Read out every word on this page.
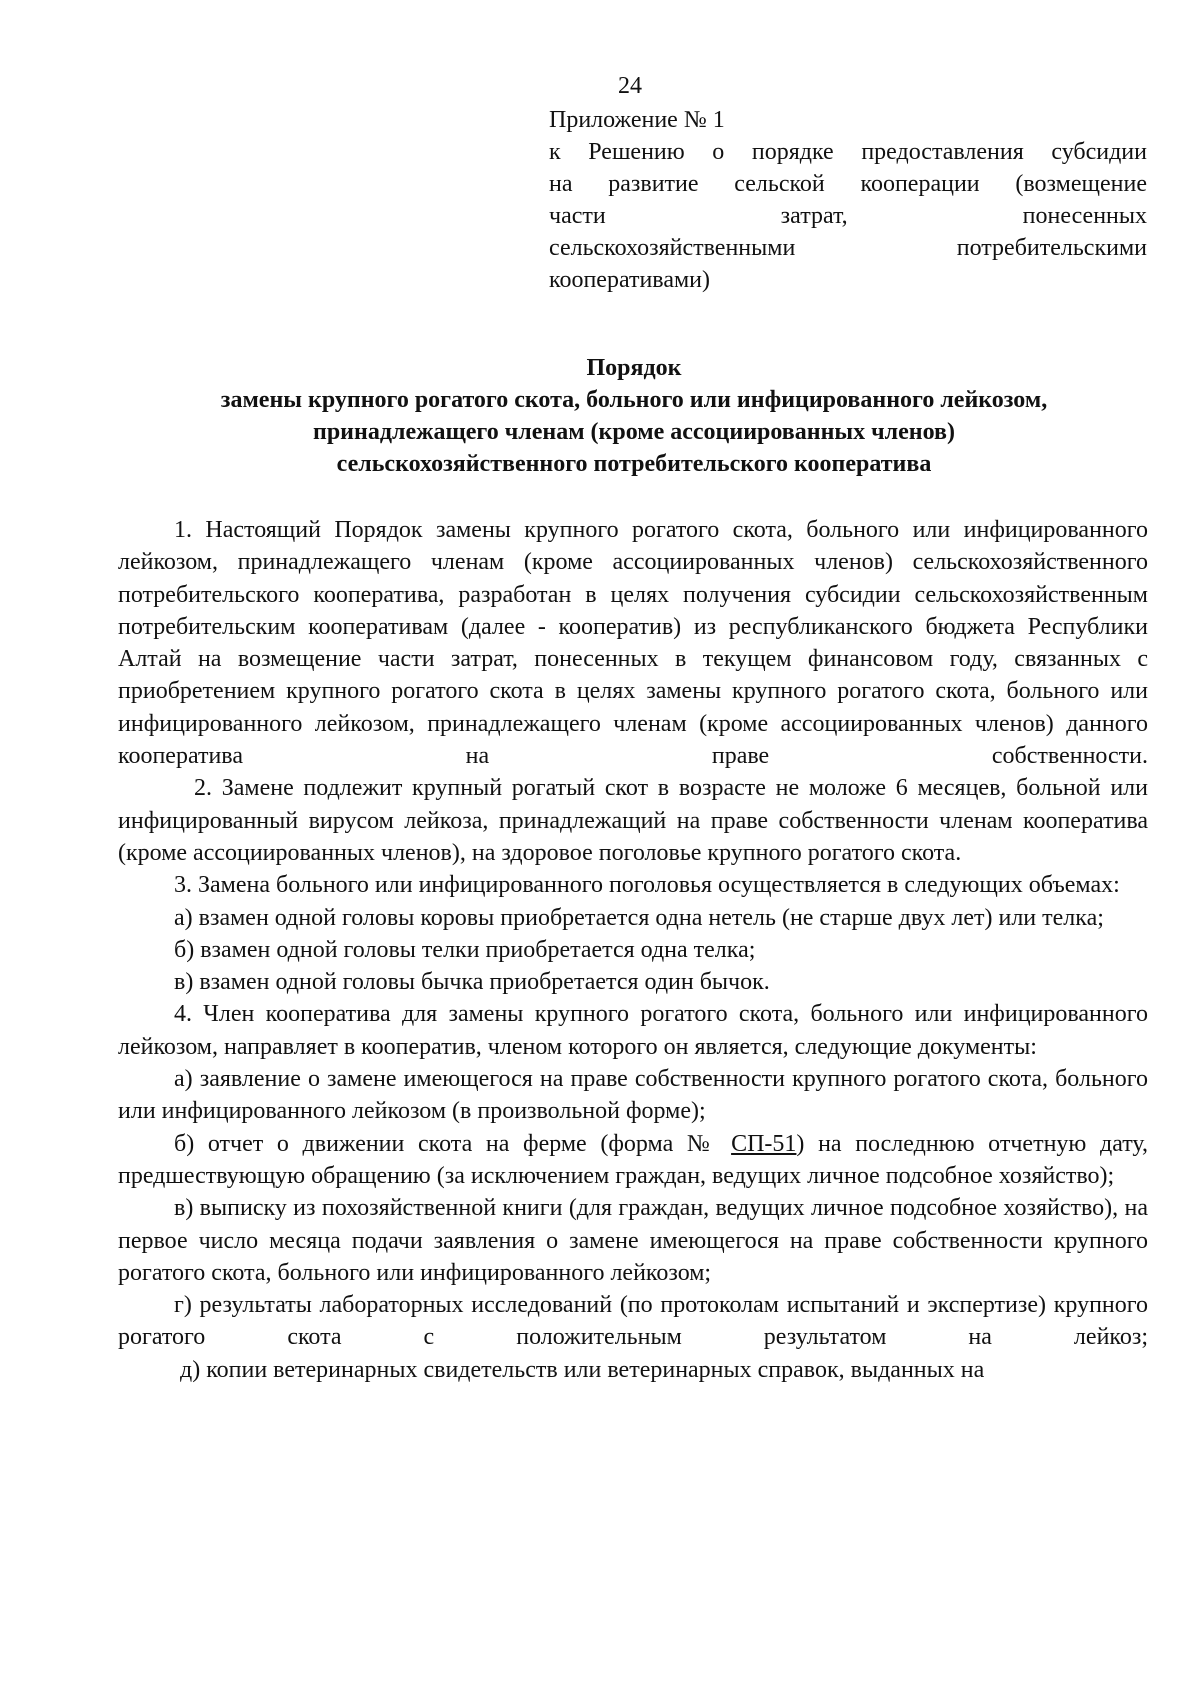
24
Приложение № 1
к Решению о порядке предоставления субсидии
на развитие сельской кооперации (возмещение
части затрат, понесенных
сельскохозяйственными потребительскими
кооперативами)
Порядок
замены крупного рогатого скота, больного или инфицированного лейкозом,
принадлежащего членам (кроме ассоциированных членов)
сельскохозяйственного потребительского кооператива

1. Настоящий Порядок замены крупного рогатого скота, больного или инфицированного лейкозом, принадлежащего членам (кроме ассоциированных членов) сельскохозяйственного потребительского кооператива, разработан в целях получения субсидии сельскохозяйственным потребительским кооперативам (далее - кооператив) из республиканского бюджета Республики Алтай на возмещение части затрат, понесенных в текущем финансовом году, связанных с приобретением крупного рогатого скота в целях замены крупного рогатого скота, больного или инфицированного лейкозом, принадлежащего членам (кроме ассоциированных членов) данного кооператива на праве собственности.

2. Замене подлежит крупный рогатый скот в возрасте не моложе 6 месяцев, больной или инфицированный вирусом лейкоза, принадлежащий на праве собственности членам кооператива (кроме ассоциированных членов), на здоровое поголовье крупного рогатого скота.

3. Замена больного или инфицированного поголовья осуществляется в следующих объемах:

а) взамен одной головы коровы приобретается одна нетель (не старше двух лет) или телка;

б) взамен одной головы телки приобретается одна телка;

в) взамен одной головы бычка приобретается один бычок.

4. Член кооператива для замены крупного рогатого скота, больного или инфицированного лейкозом, направляет в кооператив, членом которого он является, следующие документы:

а) заявление о замене имеющегося на праве собственности крупного рогатого скота, больного или инфицированного лейкозом (в произвольной форме);

б) отчет о движении скота на ферме (форма № СП-51) на последнюю отчетную дату, предшествующую обращению (за исключением граждан, ведущих личное подсобное хозяйство);

в) выписку из похозяйственной книги (для граждан, ведущих личное подсобное хозяйство), на первое число месяца подачи заявления о замене имеющегося на праве собственности крупного рогатого скота, больного или инфицированного лейкозом;

г) результаты лабораторных исследований (по протоколам испытаний и экспертизе) крупного рогатого скота с положительным результатом на лейкоз;

д) копии ветеринарных свидетельств или ветеринарных справок, выданных на
